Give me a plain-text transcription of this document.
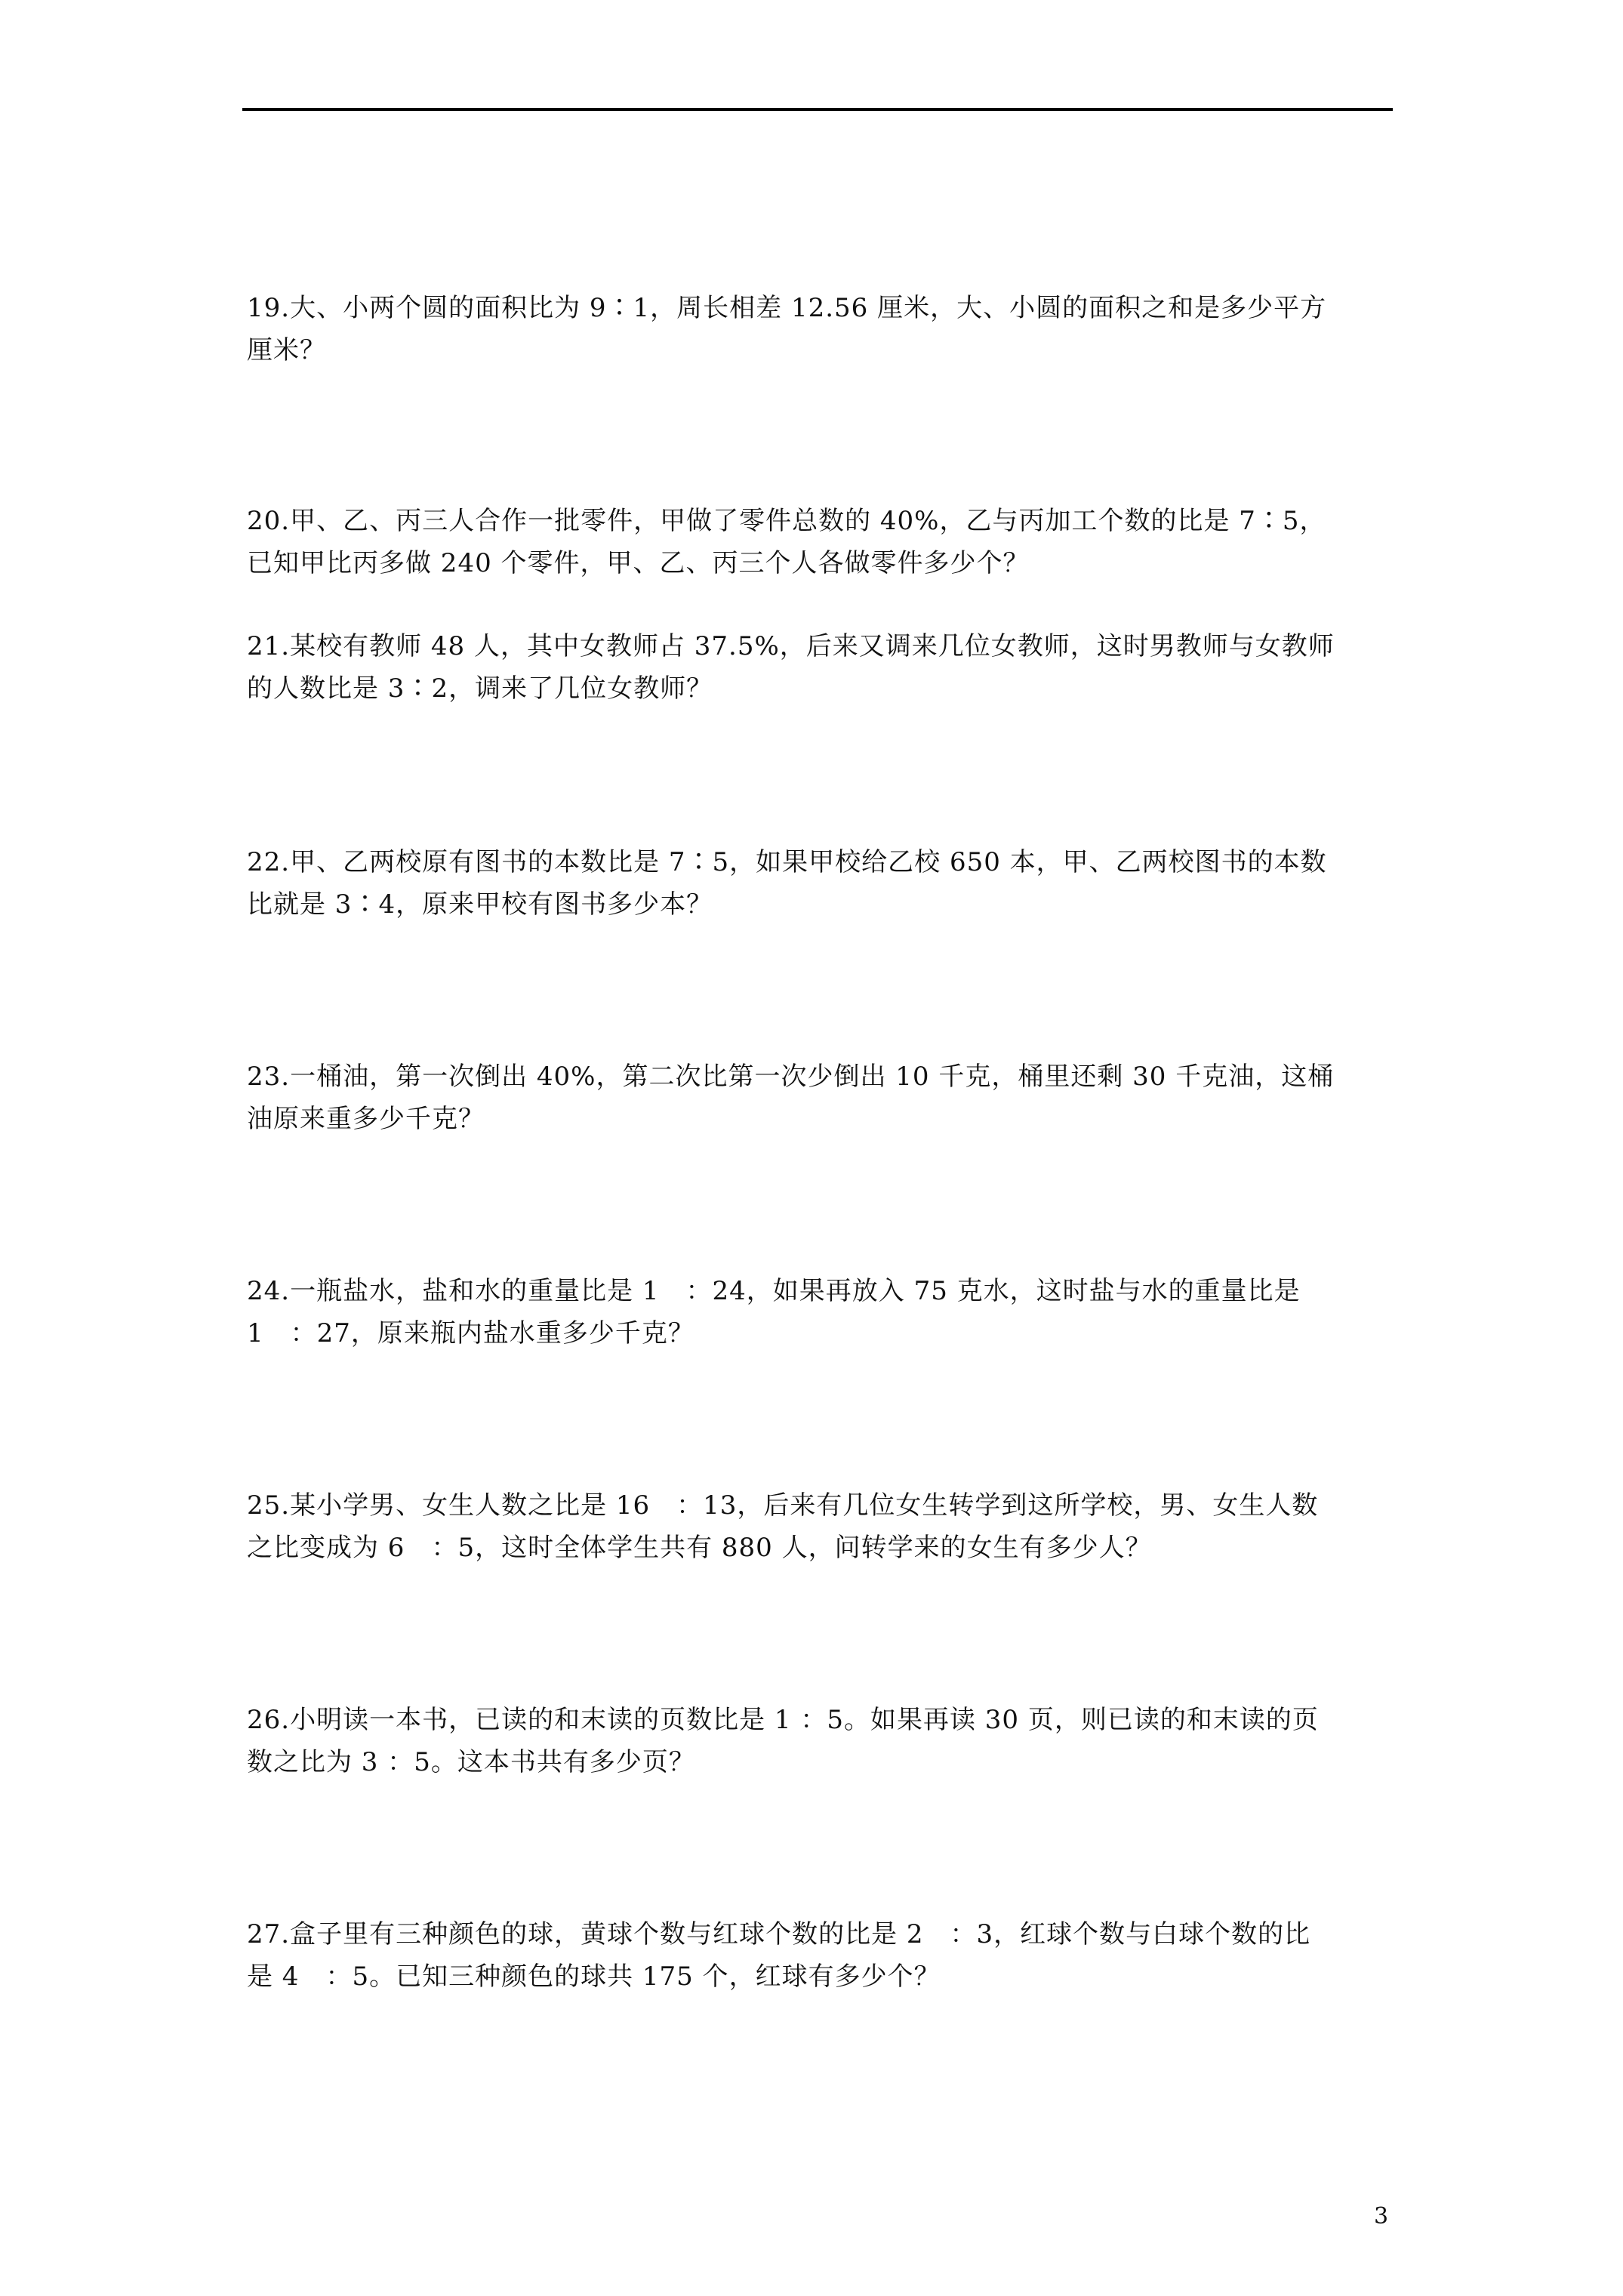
19.大、小两个圆的面积比为 9∶1，周长相差 12.56 厘米，大、小圆的面积之和是多少平方
厘米？

20.甲、乙、丙三人合作一批零件，甲做了零件总数的 40%，乙与丙加工个数的比是 7∶5，
已知甲比丙多做 240 个零件，甲、乙、丙三个人各做零件多少个？

21.某校有教师 48 人，其中女教师占 37.5%，后来又调来几位女教师，这时男教师与女教师
的人数比是 3∶2，调来了几位女教师？

22.甲、乙两校原有图书的本数比是 7∶5，如果甲校给乙校 650 本，甲、乙两校图书的本数
比就是 3∶4，原来甲校有图书多少本？

23.一桶油，第一次倒出 40%，第二次比第一次少倒出 10 千克，桶里还剩 30 千克油，这桶
油原来重多少千克？

24.一瓶盐水，盐和水的重量比是 1　：24，如果再放入 75 克水，这时盐与水的重量比是
1　：27，原来瓶内盐水重多少千克？

25.某小学男、女生人数之比是 16　：13，后来有几位女生转学到这所学校，男、女生人数
之比变成为 6　：5，这时全体学生共有 880 人，问转学来的女生有多少人？

26.小明读一本书，已读的和末读的页数比是 1 ：5。如果再读 30 页，则已读的和末读的页
数之比为 3 ：5。这本书共有多少页？

27.盒子里有三种颜色的球，黄球个数与红球个数的比是 2　：3，红球个数与白球个数的比
是 4　：5。已知三种颜色的球共 175 个，红球有多少个？

3
